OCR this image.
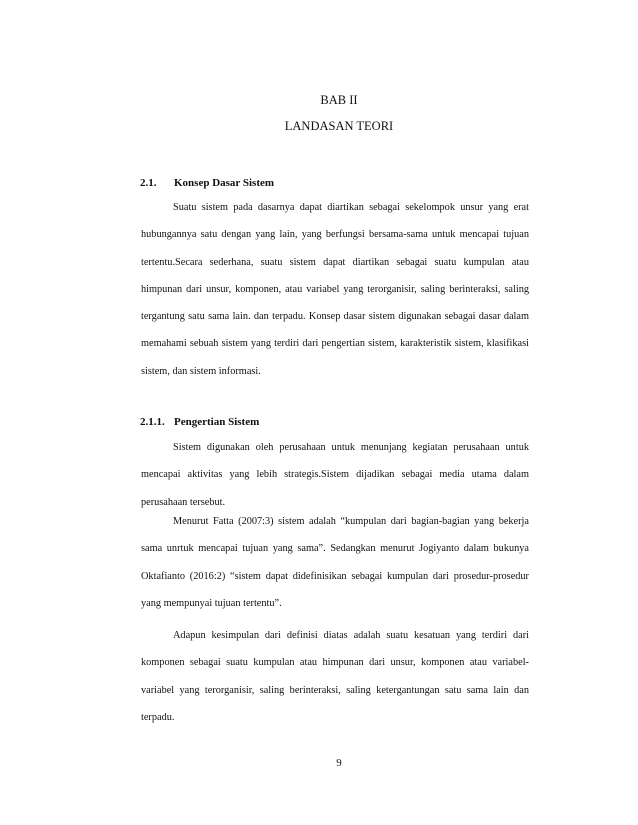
BAB II
LANDASAN TEORI
2.1. Konsep Dasar Sistem

Suatu sistem pada dasarnya dapat diartikan sebagai sekelompok unsur yang erat hubungannya satu dengan yang lain, yang berfungsi bersama-sama untuk mencapai tujuan tertentu.Secara sederhana, suatu sistem dapat diartikan sebagai suatu kumpulan atau himpunan dari unsur, komponen, atau variabel yang terorganisir, saling berinteraksi, saling tergantung satu sama lain. dan terpadu. Konsep dasar sistem digunakan sebagai dasar dalam memahami sebuah sistem yang terdiri dari pengertian sistem, karakteristik sistem, klasifikasi sistem, dan sistem informasi.

2.1.1. Pengertian Sistem

Sistem digunakan oleh perusahaan untuk menunjang kegiatan perusahaan untuk mencapai aktivitas yang lebih strategis.Sistem dijadikan sebagai media utama dalam perusahaan tersebut.

Menurut Fatta (2007:3) sistem adalah “kumpulan dari bagian-bagian yang bekerja sama unrtuk mencapai tujuan yang sama”. Sedangkan menurut Jogiyanto dalam bukunya Oktafianto (2016:2) “sistem dapat didefinisikan sebagai kumpulan dari prosedur-prosedur yang mempunyai tujuan tertentu”.

Adapun kesimpulan dari definisi diatas adalah suatu kesatuan yang terdiri dari komponen sebagai suatu kumpulan atau himpunan dari unsur, komponen atau variabel-variabel yang terorganisir, saling berinteraksi, saling ketergantungan satu sama lain dan terpadu.

9
